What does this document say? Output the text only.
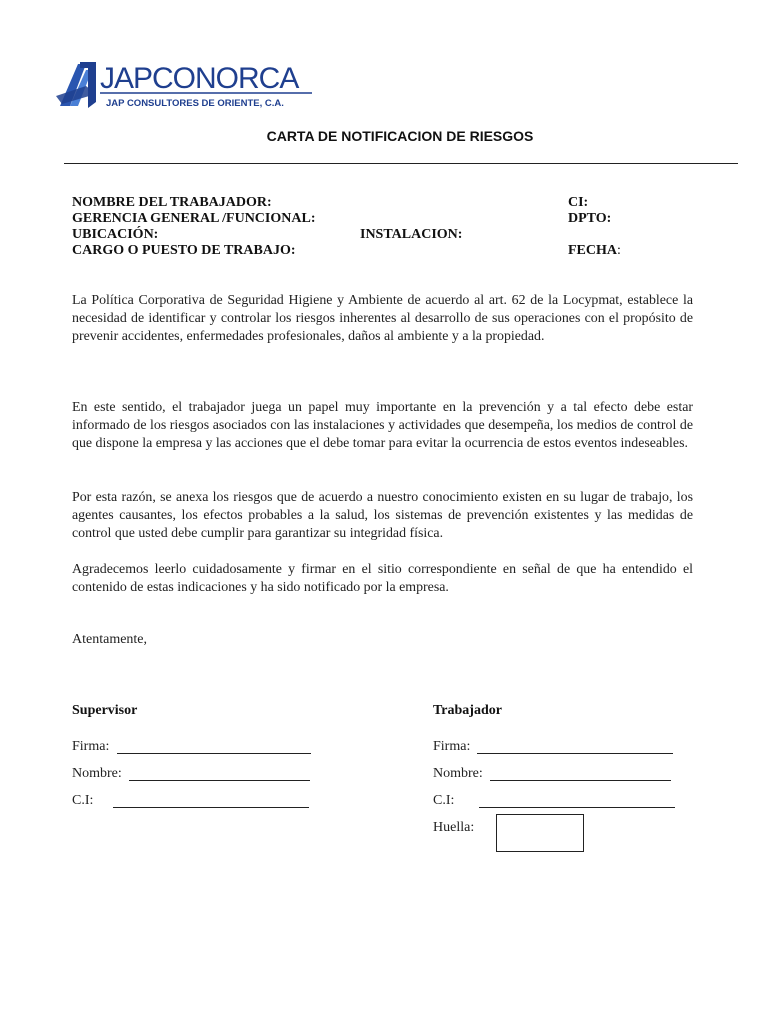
JAPCONORCA
JAP CONSULTORES DE ORIENTE, C.A.
CARTA DE NOTIFICACION DE RIESGOS
NOMBRE DEL TRABAJADOR:
GERENCIA GENERAL /FUNCIONAL:
UBICACIÓN:
CARGO O PUESTO DE TRABAJO:
INSTALACION:
CI:
DPTO:
FECHA:
La Política Corporativa de Seguridad Higiene y Ambiente de acuerdo al art. 62 de la Locypmat, establece la necesidad de identificar y controlar los riesgos inherentes al desarrollo de sus operaciones con el propósito de prevenir accidentes, enfermedades profesionales, daños al ambiente y a la propiedad.
En este sentido, el trabajador juega un papel muy importante en la prevención y a tal efecto debe estar informado de los riesgos asociados con las instalaciones y actividades que desempeña, los medios de control de que dispone la empresa y las acciones que el debe tomar para evitar la ocurrencia de estos eventos indeseables.
Por esta razón, se anexa los riesgos que de acuerdo a nuestro conocimiento existen en su lugar de trabajo, los agentes causantes, los efectos probables a la salud, los sistemas de prevención existentes y las medidas de control que usted debe cumplir para garantizar su integridad física.
Agradecemos leerlo cuidadosamente y firmar en el sitio correspondiente en señal de que ha entendido el contenido de estas indicaciones y ha sido notificado por la empresa.
Atentamente,
Supervisor
Firma:
Nombre:
C.I:
Trabajador
Firma:
Nombre:
C.I:
Huella:
